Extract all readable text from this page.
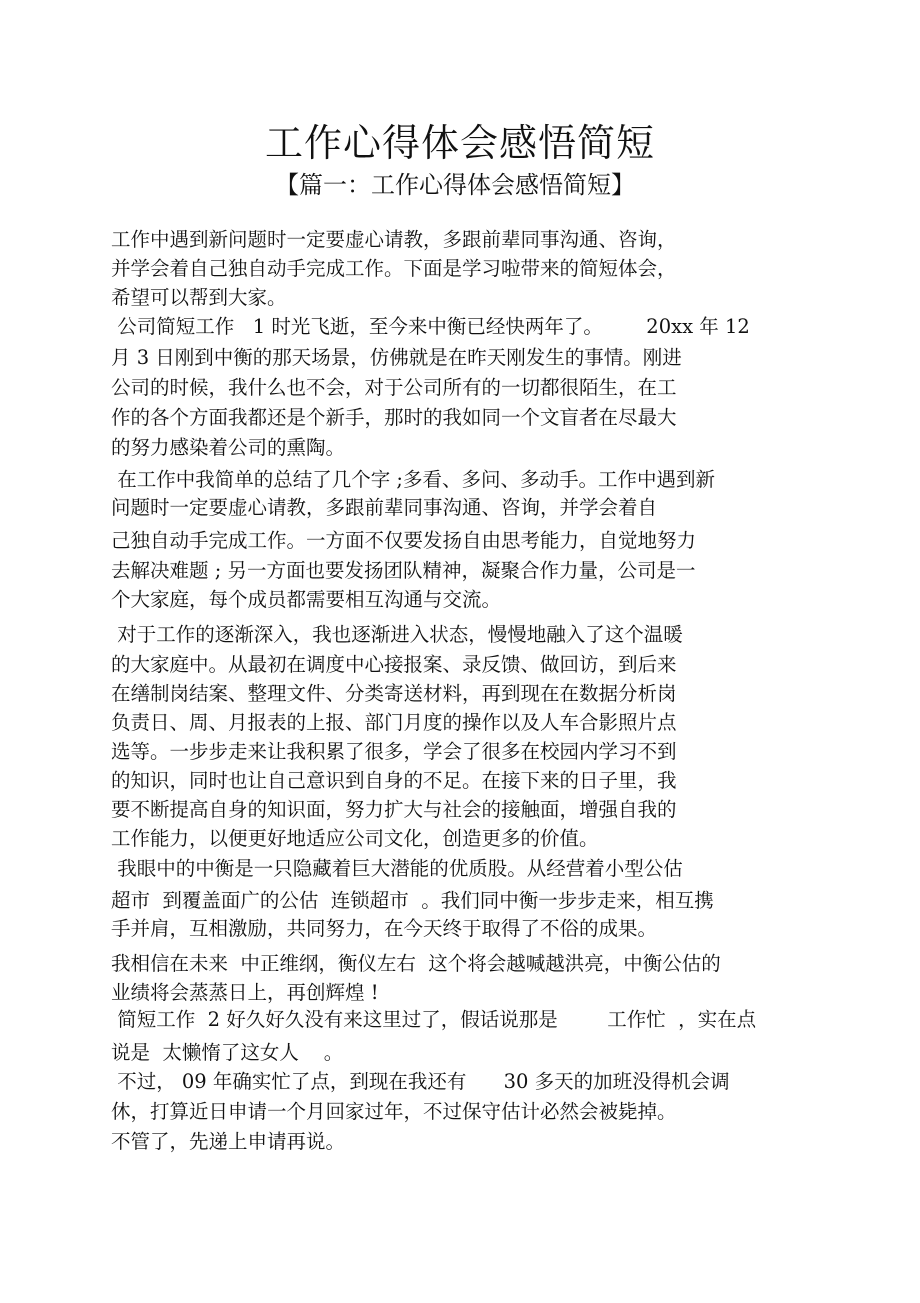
工作心得体会感悟简短
【篇一：工作心得体会感悟简短】
工作中遇到新问题时一定要虚心请教，多跟前辈同事沟通、咨询，
并学会着自己独自动手完成工作。下面是学习啦带来的简短体会，
希望可以帮到大家。
公司简短工作   1 时光飞逝，至今来中衡已经快两年了。       20xx 年 12
月 3 日刚到中衡的那天场景，仿佛就是在昨天刚发生的事情。刚进
公司的时候，我什么也不会，对于公司所有的一切都很陌生，在工
作的各个方面我都还是个新手，那时的我如同一个文盲者在尽最大
的努力感染着公司的熏陶。
在工作中我简单的总结了几个字 ;多看、多问、多动手。工作中遇到新
问题时一定要虚心请教，多跟前辈同事沟通、咨询，并学会着自
己独自动手完成工作。一方面不仅要发扬自由思考能力，自觉地努力
去解决难题 ; 另一方面也要发扬团队精神，凝聚合作力量，公司是一
个大家庭，每个成员都需要相互沟通与交流。
对于工作的逐渐深入，我也逐渐进入状态，慢慢地融入了这个温暖
的大家庭中。从最初在调度中心接报案、录反馈、做回访，到后来
在缮制岗结案、整理文件、分类寄送材料，再到现在在数据分析岗
负责日、周、月报表的上报、部门月度的操作以及人车合影照片点
选等。一步步走来让我积累了很多，学会了很多在校园内学习不到
的知识，同时也让自己意识到自身的不足。在接下来的日子里，我
要不断提高自身的知识面，努力扩大与社会的接触面，增强自我的
工作能力，以便更好地适应公司文化，创造更多的价值。
我眼中的中衡是一只隐藏着巨大潜能的优质股。从经营着小型公估
超市  到覆盖面广的公估  连锁超市  。我们同中衡一步步走来，相互携
手并肩，互相激励，共同努力，在今天终于取得了不俗的成果。
我相信在未来  中正维纲，衡仪左右  这个将会越喊越洪亮，中衡公估的
业绩将会蒸蒸日上，再创辉煌 !
简短工作  2 好久好久没有来这里过了，假话说那是        工作忙  ，实在点
说是  太懒惰了这女人    。
不过， 09 年确实忙了点，到现在我还有      30 多天的加班没得机会调
休，打算近日申请一个月回家过年，不过保守估计必然会被毙掉。
不管了，先递上申请再说。
